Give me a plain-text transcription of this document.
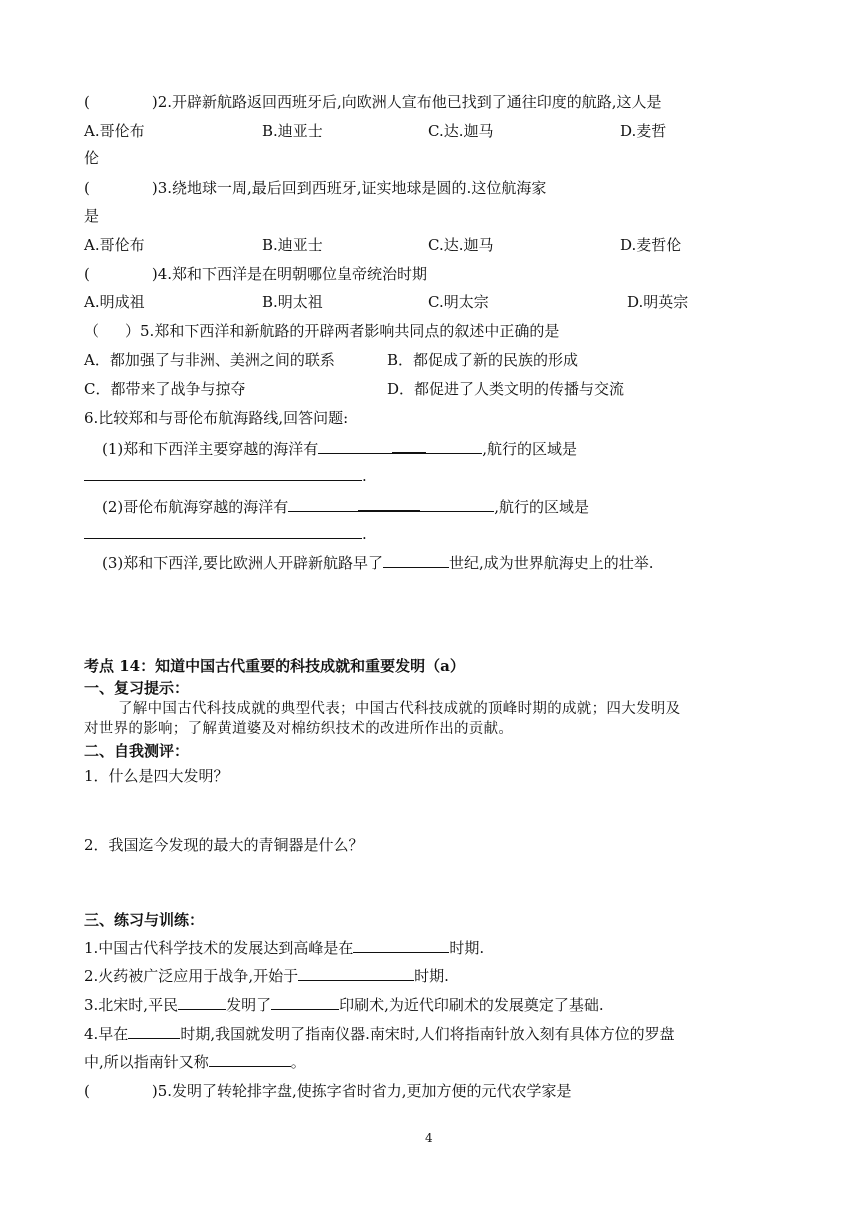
(	)2.开辟新航路返回西班牙后,向欧洲人宣布他已找到了通往印度的航路,这人是
A.哥伦布	B.迪亚士	C.达.迦马	D.麦哲
伦
(	)3.绕地球一周,最后回到西班牙,证实地球是圆的.这位航海家
是
A.哥伦布	B.迪亚士	C.达.迦马	D.麦哲伦
(	)4.郑和下西洋是在明朝哪位皇帝统治时期
A.明成祖	B.明太祖	C.明太宗	D.明英宗
（ ）5.郑和下西洋和新航路的开辟两者影响共同点的叙述中正确的是
A．都加强了与非洲、美洲之间的联系	B．都促成了新的民族的形成
C．都带来了战争与掠夺	D．都促进了人类文明的传播与交流
6.比较郑和与哥伦布航海路线,回答问题:
(1)郑和下西洋主要穿越的海洋有	,航行的区域是
.
(2)哥伦布航海穿越的海洋有	,航行的区域是
.
(3)郑和下西洋,要比欧洲人开辟新航路早了	世纪,成为世界航海史上的壮举.
考点 14：知道中国古代重要的科技成就和重要发明（a）
一、复习提示：
了解中国古代科技成就的典型代表；中国古代科技成就的顶峰时期的成就；四大发明及
对世界的影响；了解黄道婆及对棉纺织技术的改进所作出的贡献。
二、自我测评：
1．什么是四大发明？
2．我国迄今发现的最大的青铜器是什么？
三、练习与训练：
1.中国古代科学技术的发展达到高峰是在	时期.
2.火药被广泛应用于战争,开始于	时期.
3.北宋时,平民	发明了	印刷术,为近代印刷术的发展奠定了基础.
4.早在	时期,我国就发明了指南仪器.南宋时,人们将指南针放入刻有具体方位的罗盘
中,所以指南针又称	。
(	)5.发明了转轮排字盘,使拣字省时省力,更加方便的元代农学家是
4
